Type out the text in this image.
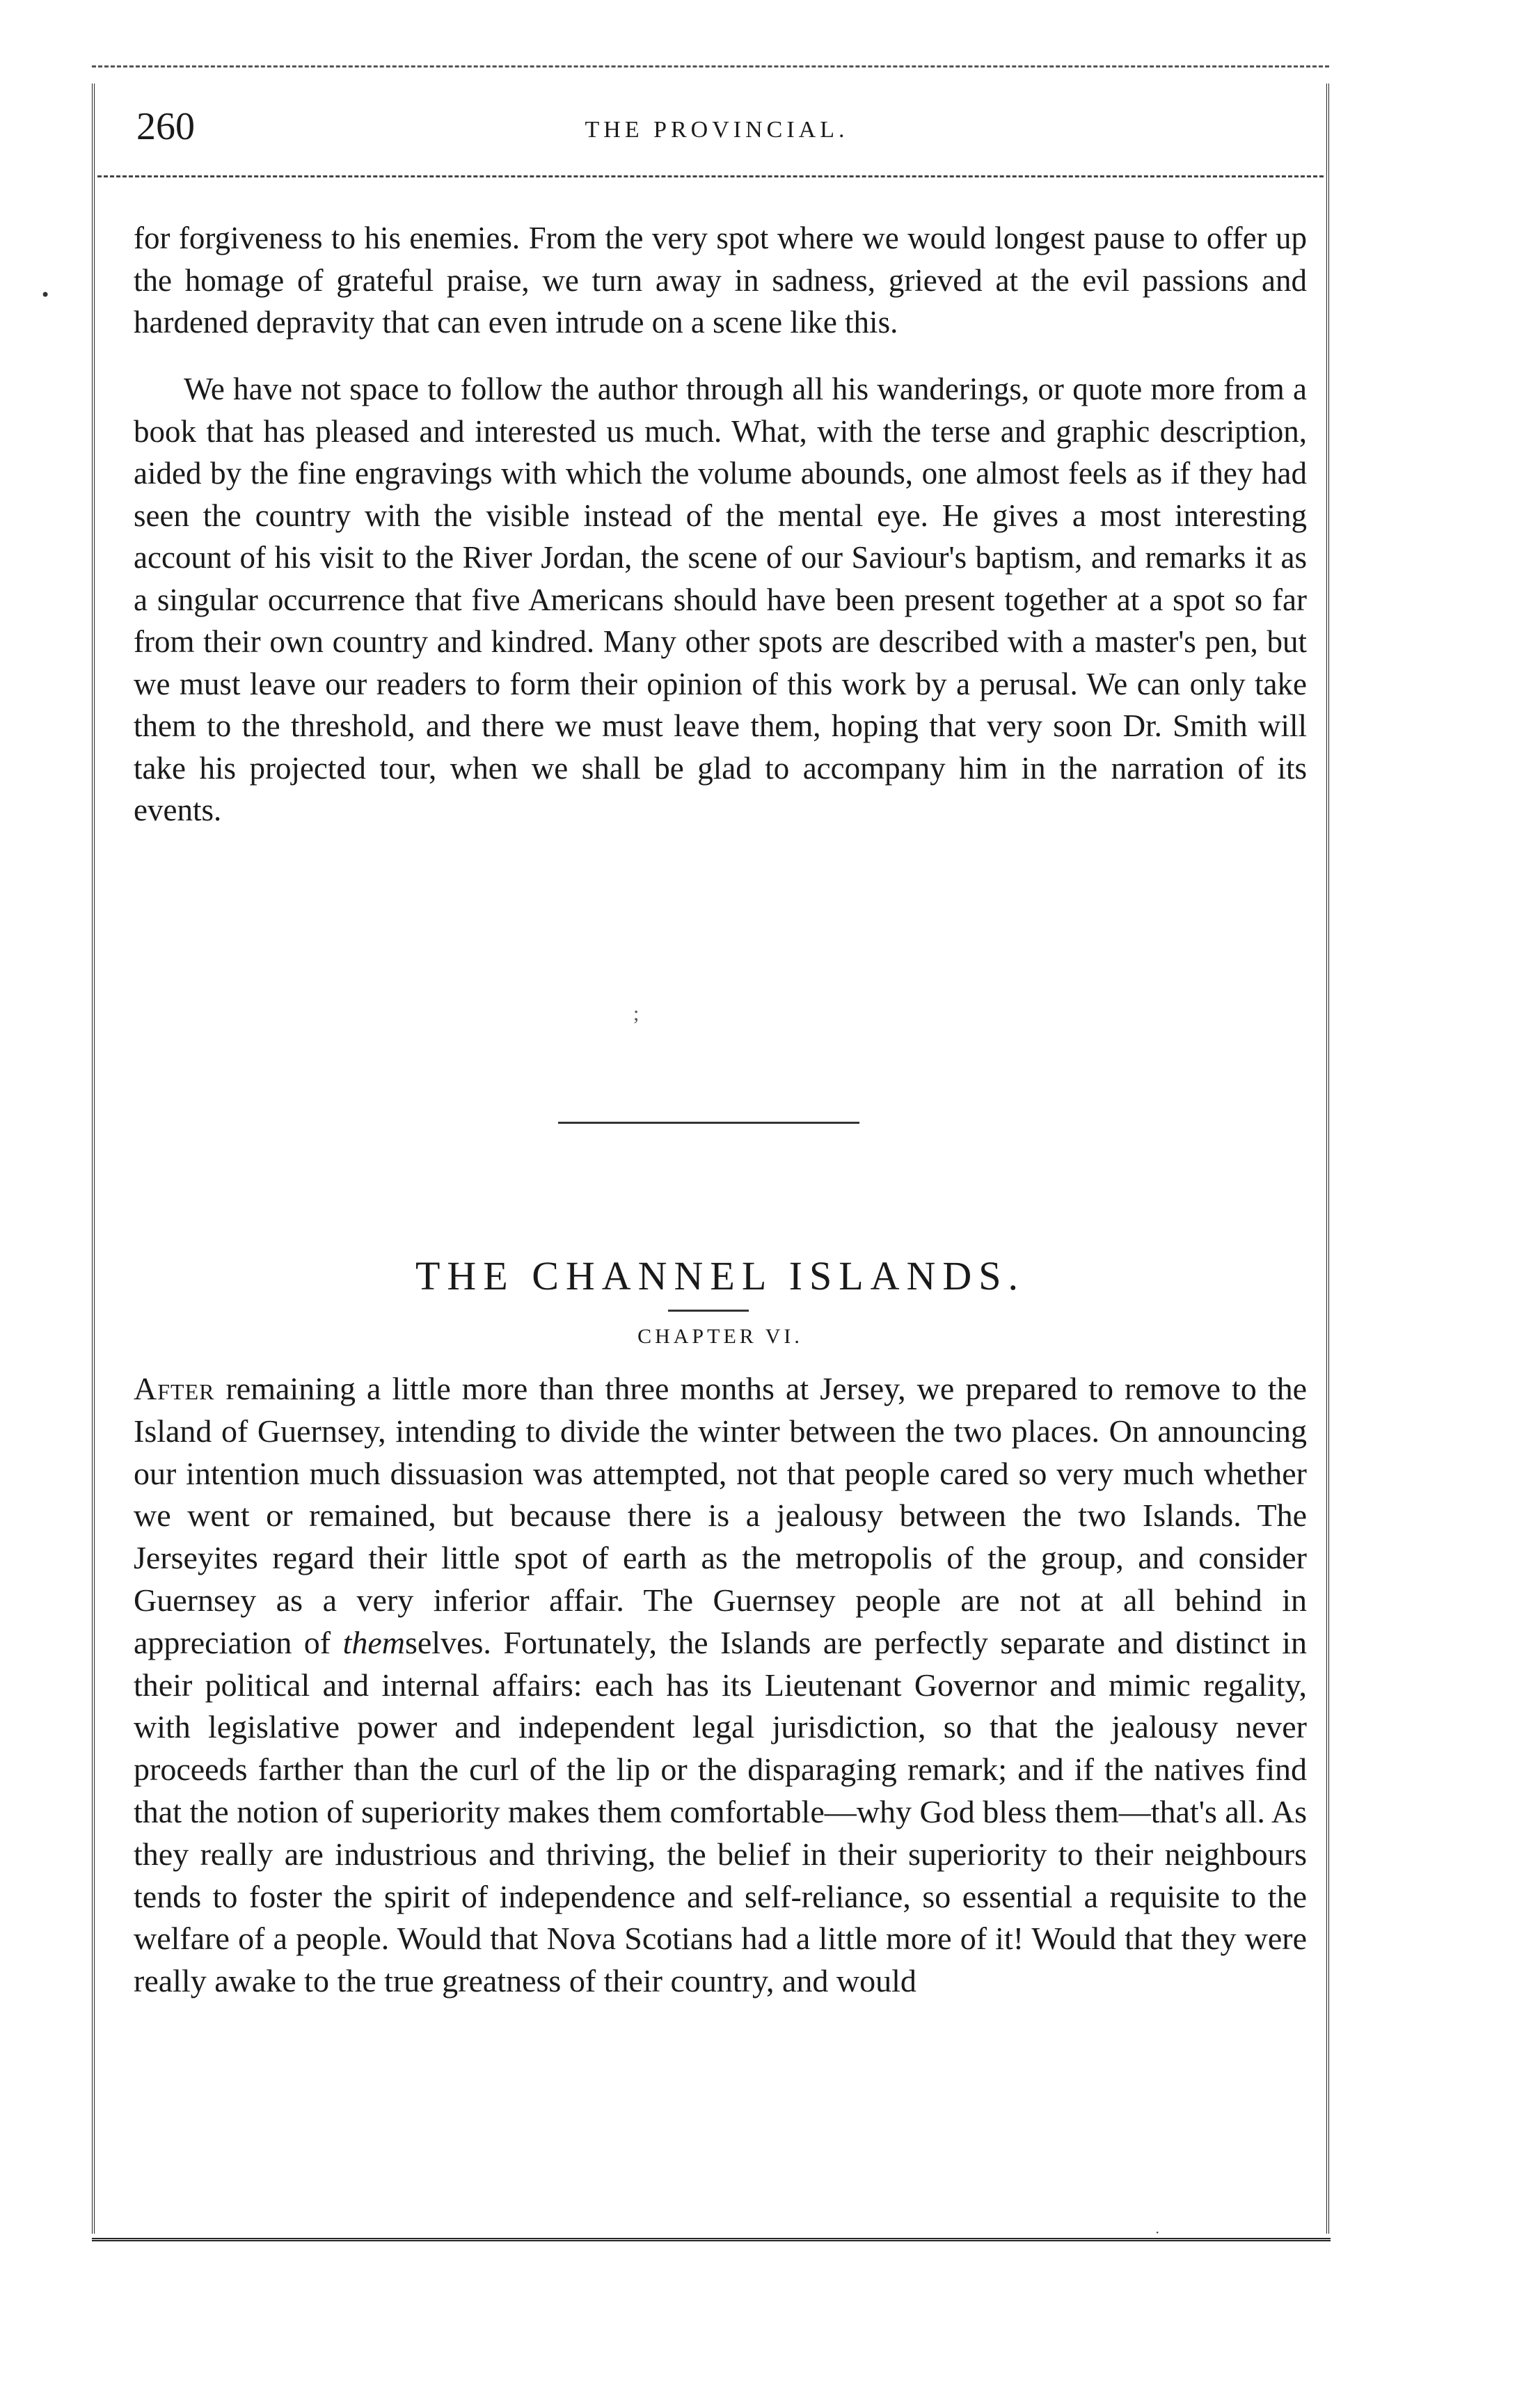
•
260	THE PROVINCIAL.

for forgiveness to his enemies. From the very spot where we would longest pause to offer up the homage of grateful praise, we turn away in sadness, grieved at the evil passions and hardened depravity that can even intrude on a scene like this.

We have not space to follow the author through all his wanderings, or quote more from a book that has pleased and interested us much. What, with the terse and graphic description, aided by the fine engravings with which the volume abounds, one almost feels as if they had seen the country with the visible instead of the mental eye. He gives a most interesting account of his visit to the River Jordan, the scene of our Saviour's baptism, and remarks it as a singular occurrence that five Americans should have been present together at a spot so far from their own country and kindred. Many other spots are described with a master's pen, but we must leave our readers to form their opinion of this work by a perusal. We can only take them to the threshold, and there we must leave them, hoping that very soon Dr. Smith will take his projected tour, when we shall be glad to accompany him in the narration of its events.

;
THE CHANNEL ISLANDS.
CHAPTER VI.

After remaining a little more than three months at Jersey, we prepared to remove to the Island of Guernsey, intending to divide the winter between the two places. On announcing our intention much dissuasion was attempted, not that people cared so very much whether we went or remained, but because there is a jealousy between the two Islands. The Jerseyites regard their little spot of earth as the metropolis of the group, and consider Guernsey as a very inferior affair. The Guernsey people are not at all behind in appreciation of themselves. Fortunately, the Islands are perfectly separate and distinct in their political and internal affairs: each has its Lieutenant Governor and mimic regality, with legislative power and independent legal jurisdiction, so that the jealousy never proceeds farther than the curl of the lip or the disparaging remark; and if the natives find that the notion of superiority makes them comfortable—why God bless them—that's all. As they really are industrious and thriving, the belief in their superiority to their neighbours tends to foster the spirit of independence and self-reliance, so essential a requisite to the welfare of a people. Would that Nova Scotians had a little more of it! Would that they were really awake to the true greatness of their country, and would

·
